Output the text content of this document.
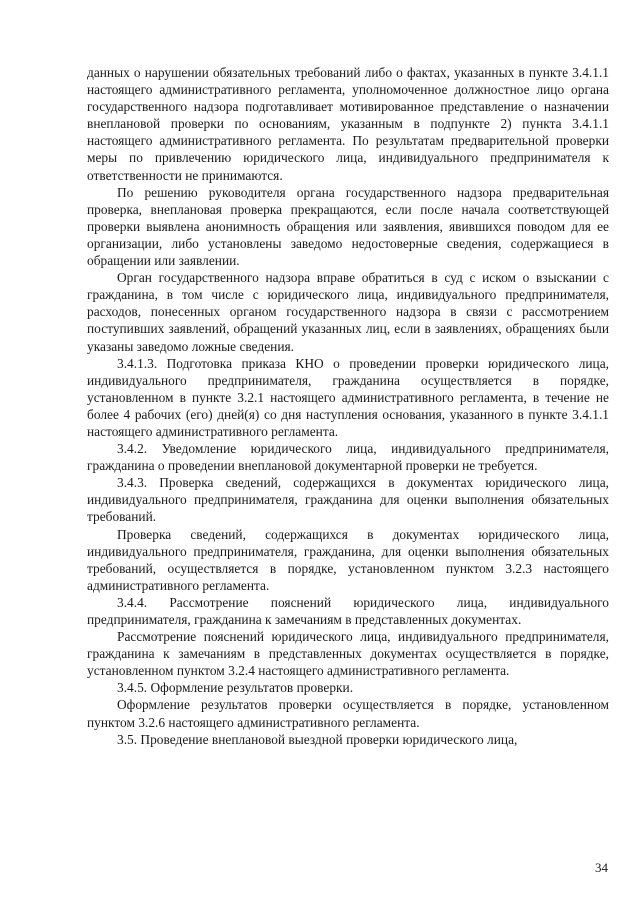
данных о нарушении обязательных требований либо о фактах, указанных в пункте 3.4.1.1 настоящего административного регламента, уполномоченное должностное лицо органа государственного надзора подготавливает мотивированное представление о назначении внеплановой проверки по основаниям, указанным в подпункте 2) пункта 3.4.1.1 настоящего административного регламента. По результатам предварительной проверки меры по привлечению юридического лица, индивидуального предпринимателя к ответственности не принимаются.

По решению руководителя органа государственного надзора предварительная проверка, внеплановая проверка прекращаются, если после начала соответствующей проверки выявлена анонимность обращения или заявления, явившихся поводом для ее организации, либо установлены заведомо недостоверные сведения, содержащиеся в обращении или заявлении.

Орган государственного надзора вправе обратиться в суд с иском о взыскании с гражданина, в том числе с юридического лица, индивидуального предпринимателя, расходов, понесенных органом государственного надзора в связи с рассмотрением поступивших заявлений, обращений указанных лиц, если в заявлениях, обращениях были указаны заведомо ложные сведения.

3.4.1.3. Подготовка приказа КНО о проведении проверки юридического лица, индивидуального предпринимателя, гражданина осуществляется в порядке, установленном в пункте 3.2.1 настоящего административного регламента, в течение не более 4 рабочих (его) дней(я) со дня наступления основания, указанного в пункте 3.4.1.1 настоящего административного регламента.

3.4.2. Уведомление юридического лица, индивидуального предпринимателя, гражданина о проведении внеплановой документарной проверки не требуется.

3.4.3. Проверка сведений, содержащихся в документах юридического лица, индивидуального предпринимателя, гражданина для оценки выполнения обязательных требований.

Проверка сведений, содержащихся в документах юридического лица, индивидуального предпринимателя, гражданина, для оценки выполнения обязательных требований, осуществляется в порядке, установленном пунктом 3.2.3 настоящего административного регламента.

3.4.4. Рассмотрение пояснений юридического лица, индивидуального предпринимателя, гражданина к замечаниям в представленных документах.

Рассмотрение пояснений юридического лица, индивидуального предпринимателя, гражданина к замечаниям в представленных документах осуществляется в порядке, установленном пунктом 3.2.4 настоящего административного регламента.

3.4.5. Оформление результатов проверки.

Оформление результатов проверки осуществляется в порядке, установленном пунктом 3.2.6 настоящего административного регламента.

3.5. Проведение внеплановой выездной проверки юридического лица,

34
